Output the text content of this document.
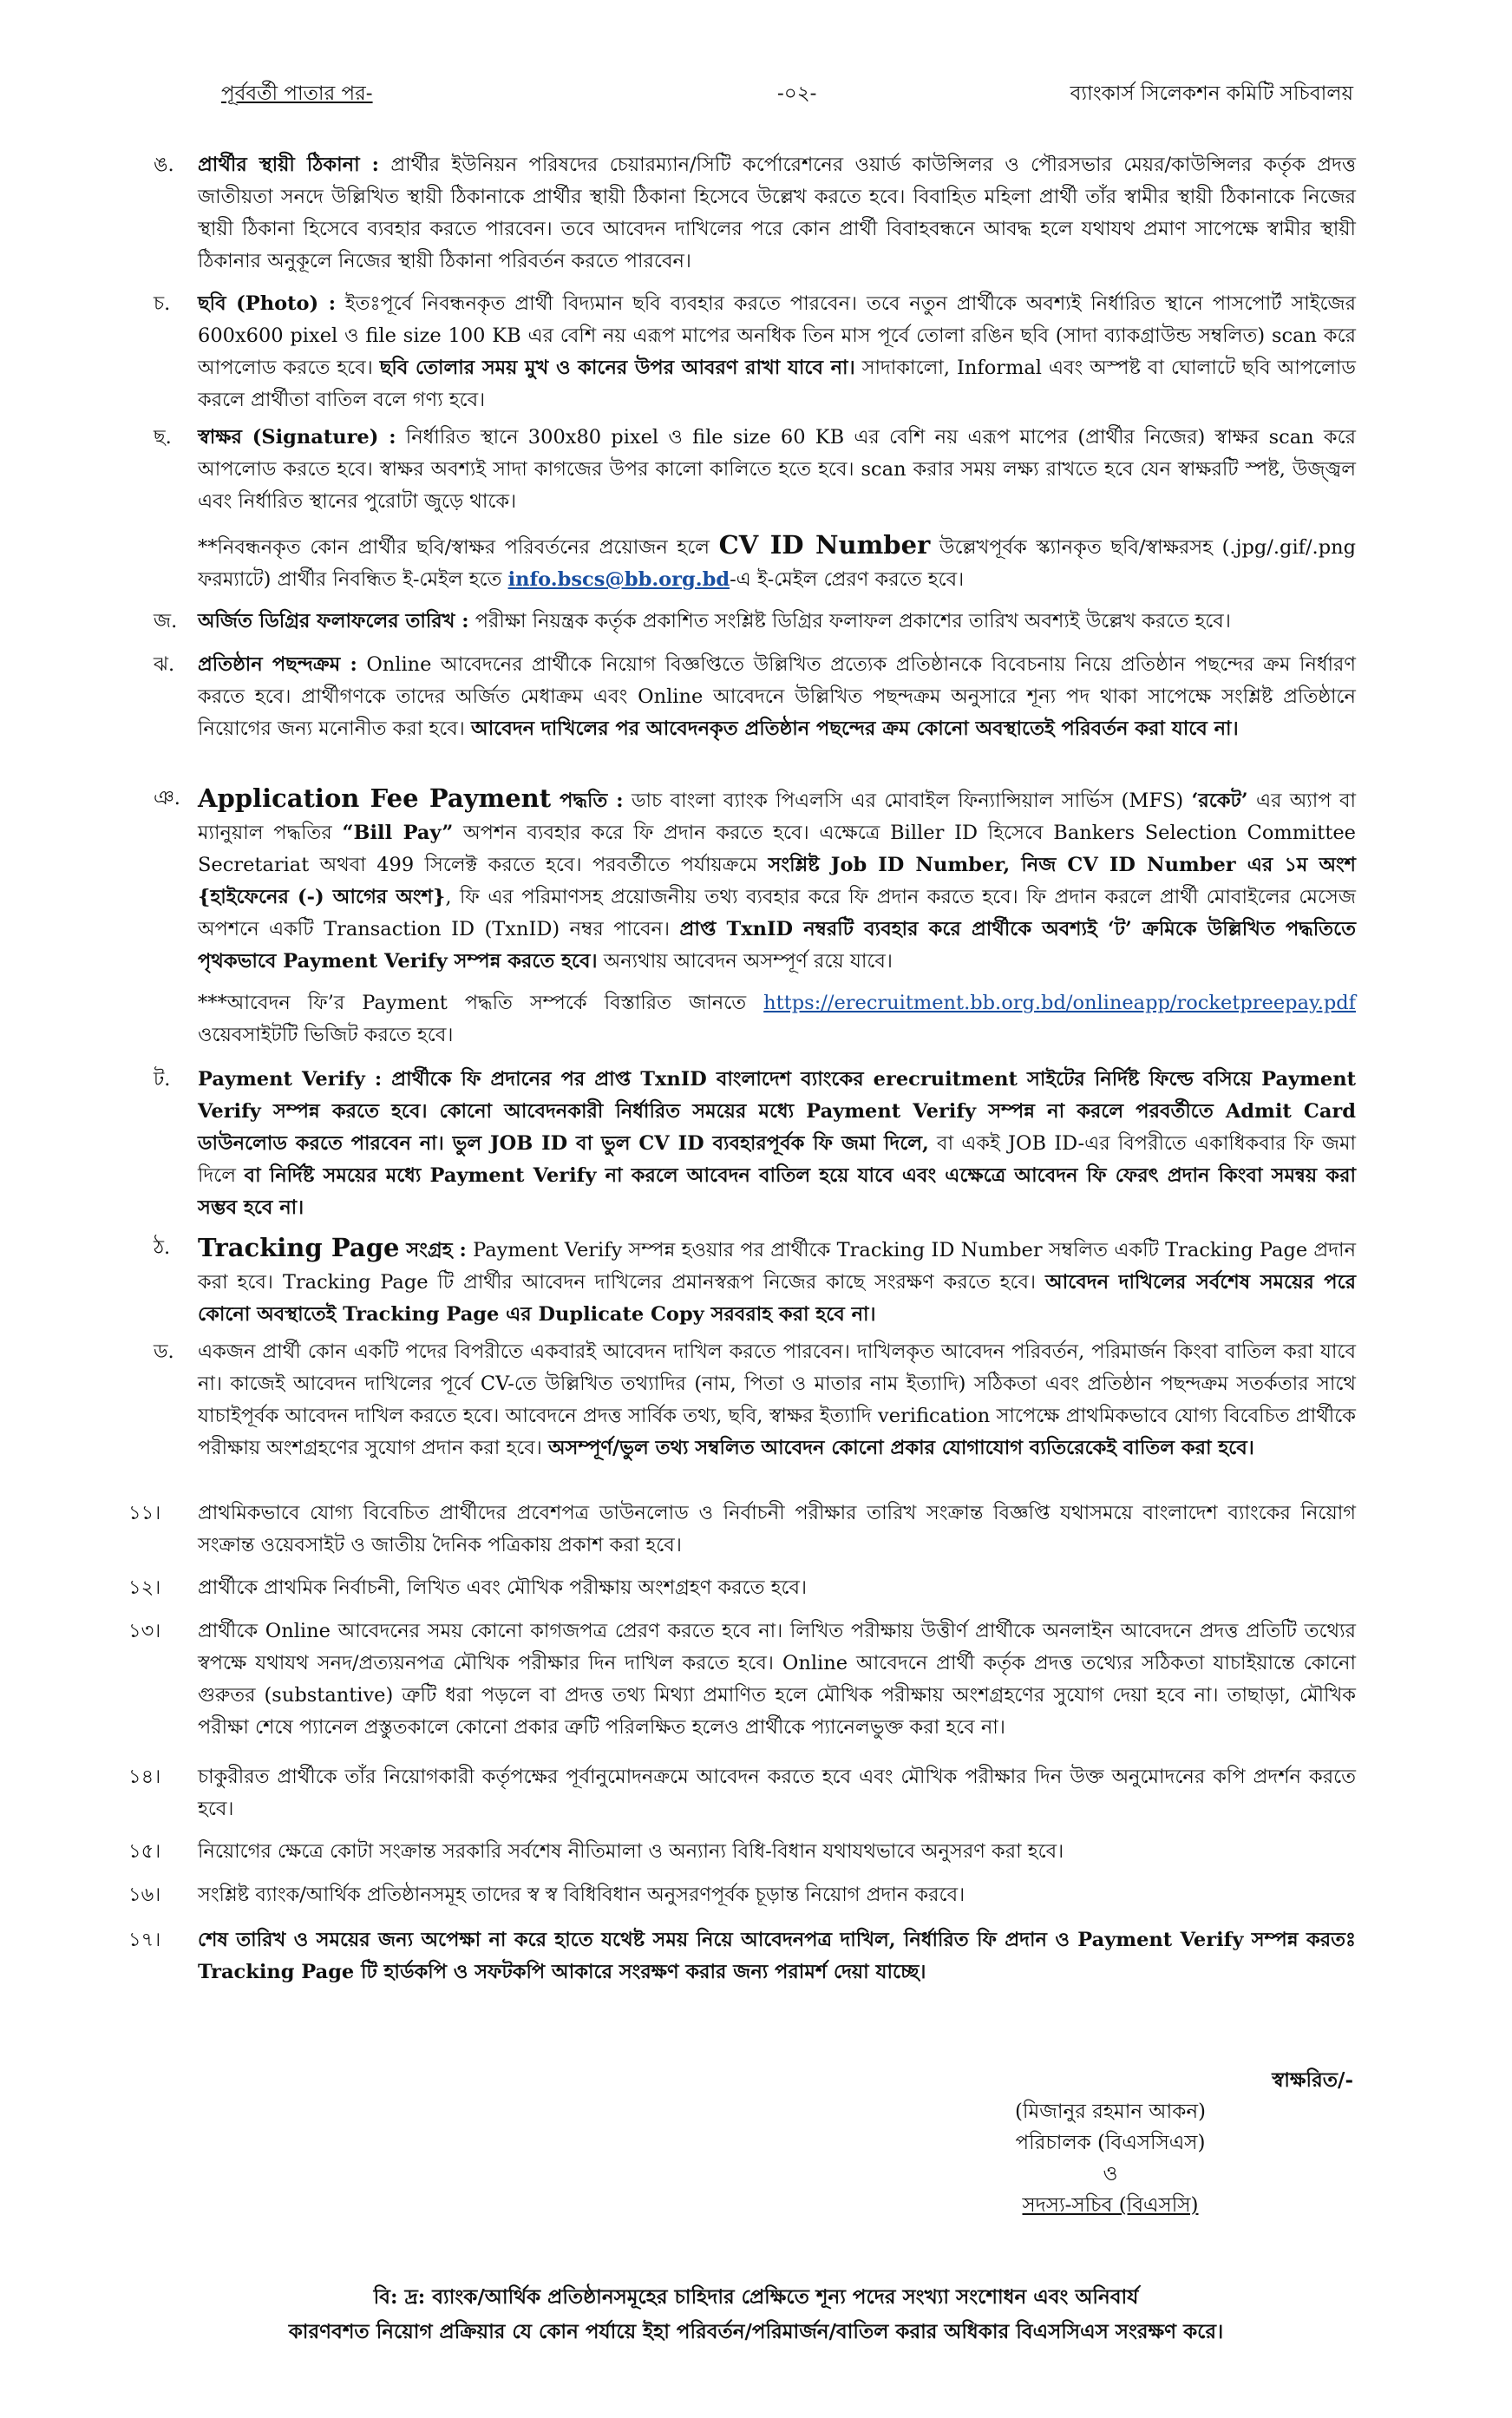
পূর্ববর্তী পাতার পর-	-০২-	ব্যাংকার্স সিলেকশন কমিটি সচিবালয়
ঙ.	প্রার্থীর স্থায়ী ঠিকানা : প্রার্থীর ইউনিয়ন পরিষদের চেয়ারম্যান/সিটি কর্পোরেশনের ওয়ার্ড কাউন্সিলর ও পৌরসভার মেয়র/কাউন্সিলর কর্তৃক প্রদত্ত জাতীয়তা সনদে উল্লিখিত স্থায়ী ঠিকানাকে প্রার্থীর স্থায়ী ঠিকানা হিসেবে উল্লেখ করতে হবে। বিবাহিত মহিলা প্রার্থী তাঁর স্বামীর স্থায়ী ঠিকানাকে নিজের স্থায়ী ঠিকানা হিসেবে ব্যবহার করতে পারবেন। তবে আবেদন দাখিলের পরে কোন প্রার্থী বিবাহবন্ধনে আবদ্ধ হলে যথাযথ প্রমাণ সাপেক্ষে স্বামীর স্থায়ী ঠিকানার অনুকূলে নিজের স্থায়ী ঠিকানা পরিবর্তন করতে পারবেন।
চ.	ছবি (Photo) : ইতঃপূর্বে নিবন্ধনকৃত প্রার্থী বিদ্যমান ছবি ব্যবহার করতে পারবেন। তবে নতুন প্রার্থীকে অবশ্যই নির্ধারিত স্থানে পাসপোর্ট সাইজের 600x600 pixel ও file size 100 KB এর বেশি নয় এরূপ মাপের অনধিক তিন মাস পূর্বে তোলা রঙিন ছবি (সাদা ব্যাকগ্রাউন্ড সম্বলিত) scan করে আপলোড করতে হবে। ছবি তোলার সময় মুখ ও কানের উপর আবরণ রাখা যাবে না। সাদাকালো, Informal এবং অস্পষ্ট বা ঘোলাটে ছবি আপলোড করলে প্রার্থীতা বাতিল বলে গণ্য হবে।
ছ.	স্বাক্ষর (Signature) : নির্ধারিত স্থানে 300x80 pixel ও file size 60 KB এর বেশি নয় এরূপ মাপের (প্রার্থীর নিজের) স্বাক্ষর scan করে আপলোড করতে হবে। স্বাক্ষর অবশ্যই সাদা কাগজের উপর কালো কালিতে হতে হবে। scan করার সময় লক্ষ্য রাখতে হবে যেন স্বাক্ষরটি স্পষ্ট, উজ্জ্বল এবং নির্ধারিত স্থানের পুরোটা জুড়ে থাকে।
**নিবন্ধনকৃত কোন প্রার্থীর ছবি/স্বাক্ষর পরিবর্তনের প্রয়োজন হলে CV ID Number উল্লেখপূর্বক স্ক্যানকৃত ছবি/স্বাক্ষরসহ (.jpg/.gif/.png ফরম্যাটে) প্রার্থীর নিবন্ধিত ই-মেইল হতে info.bscs@bb.org.bd-এ ই-মেইল প্রেরণ করতে হবে।
জ.	অর্জিত ডিগ্রির ফলাফলের তারিখ : পরীক্ষা নিয়ন্ত্রক কর্তৃক প্রকাশিত সংশ্লিষ্ট ডিগ্রির ফলাফল প্রকাশের তারিখ অবশ্যই উল্লেখ করতে হবে।
ঝ.	প্রতিষ্ঠান পছন্দক্রম : Online আবেদনের প্রার্থীকে নিয়োগ বিজ্ঞপ্তিতে উল্লিখিত প্রত্যেক প্রতিষ্ঠানকে বিবেচনায় নিয়ে প্রতিষ্ঠান পছন্দের ক্রম নির্ধারণ করতে হবে। প্রার্থীগণকে তাদের অর্জিত মেধাক্রম এবং Online আবেদনে উল্লিখিত পছন্দক্রম অনুসারে শূন্য পদ থাকা সাপেক্ষে সংশ্লিষ্ট প্রতিষ্ঠানে নিয়োগের জন্য মনোনীত করা হবে। আবেদন দাখিলের পর আবেদনকৃত প্রতিষ্ঠান পছন্দের ক্রম কোনো অবস্থাতেই পরিবর্তন করা যাবে না।
ঞ. Application Fee Payment পদ্ধতি : ডাচ বাংলা ব্যাংক পিএলসি এর মোবাইল ফিন্যান্সিয়াল সার্ভিস (MFS) ‘রকেট’ এর অ্যাপ বা ম্যানুয়াল পদ্ধতির “Bill Pay” অপশন ব্যবহার করে ফি প্রদান করতে হবে। এক্ষেত্রে Biller ID হিসেবে Bankers Selection Committee Secretariat অথবা 499 সিলেক্ট করতে হবে। পরবর্তীতে পর্যায়ক্রমে সংশ্লিষ্ট Job ID Number, নিজ CV ID Number এর ১ম অংশ {হাইফেনের (-) আগের অংশ}, ফি এর পরিমাণসহ প্রয়োজনীয় তথ্য ব্যবহার করে ফি প্রদান করতে হবে। ফি প্রদান করলে প্রার্থী মোবাইলের মেসেজ অপশনে একটি Transaction ID (TxnID) নম্বর পাবেন। প্রাপ্ত TxnID নম্বরটি ব্যবহার করে প্রার্থীকে অবশ্যই ‘ট’ ক্রমিকে উল্লিখিত পদ্ধতিতে পৃথকভাবে Payment Verify সম্পন্ন করতে হবে। অন্যথায় আবেদন অসম্পূর্ণ রয়ে যাবে।
***আবেদন ফি’র Payment পদ্ধতি সম্পর্কে বিস্তারিত জানতে https://erecruitment.bb.org.bd/onlineapp/rocketpreepay.pdf ওয়েবসাইটটি ভিজিট করতে হবে।
ট.	Payment Verify : প্রার্থীকে ফি প্রদানের পর প্রাপ্ত TxnID বাংলাদেশ ব্যাংকের erecruitment সাইটের নির্দিষ্ট ফিল্ডে বসিয়ে Payment Verify সম্পন্ন করতে হবে। কোনো আবেদনকারী নির্ধারিত সময়ের মধ্যে Payment Verify সম্পন্ন না করলে পরবর্তীতে Admit Card ডাউনলোড করতে পারবেন না। ভুল JOB ID বা ভুল CV ID ব্যবহারপূর্বক ফি জমা দিলে, বা একই JOB ID-এর বিপরীতে একাধিকবার ফি জমা দিলে বা নির্দিষ্ট সময়ের মধ্যে Payment Verify না করলে আবেদন বাতিল হয়ে যাবে এবং এক্ষেত্রে আবেদন ফি ফেরৎ প্রদান কিংবা সমন্বয় করা সম্ভব হবে না।
ঠ.	Tracking Page সংগ্রহ : Payment Verify সম্পন্ন হওয়ার পর প্রার্থীকে Tracking ID Number সম্বলিত একটি Tracking Page প্রদান করা হবে। Tracking Page টি প্রার্থীর আবেদন দাখিলের প্রমানস্বরূপ নিজের কাছে সংরক্ষণ করতে হবে। আবেদন দাখিলের সর্বশেষ সময়ের পরে কোনো অবস্থাতেই Tracking Page এর Duplicate Copy সরবরাহ করা হবে না।
ড.	একজন প্রার্থী কোন একটি পদের বিপরীতে একবারই আবেদন দাখিল করতে পারবেন। দাখিলকৃত আবেদন পরিবর্তন, পরিমার্জন কিংবা বাতিল করা যাবে না। কাজেই আবেদন দাখিলের পূর্বে CV-তে উল্লিখিত তথ্যাদির (নাম, পিতা ও মাতার নাম ইত্যাদি) সঠিকতা এবং প্রতিষ্ঠান পছন্দক্রম সতর্কতার সাথে যাচাইপূর্বক আবেদন দাখিল করতে হবে। আবেদনে প্রদত্ত সার্বিক তথ্য, ছবি, স্বাক্ষর ইত্যাদি verification সাপেক্ষে প্রাথমিকভাবে যোগ্য বিবেচিত প্রার্থীকে পরীক্ষায় অংশগ্রহণের সুযোগ প্রদান করা হবে। অসম্পূর্ণ/ভুল তথ্য সম্বলিত আবেদন কোনো প্রকার যোগাযোগ ব্যতিরেকেই বাতিল করা হবে।
১১।	প্রাথমিকভাবে যোগ্য বিবেচিত প্রার্থীদের প্রবেশপত্র ডাউনলোড ও নির্বাচনী পরীক্ষার তারিখ সংক্রান্ত বিজ্ঞপ্তি যথাসময়ে বাংলাদেশ ব্যাংকের নিয়োগ সংক্রান্ত ওয়েবসাইট ও জাতীয় দৈনিক পত্রিকায় প্রকাশ করা হবে।
১২।	প্রার্থীকে প্রাথমিক নির্বাচনী, লিখিত এবং মৌখিক পরীক্ষায় অংশগ্রহণ করতে হবে।
১৩।	প্রার্থীকে Online আবেদনের সময় কোনো কাগজপত্র প্রেরণ করতে হবে না। লিখিত পরীক্ষায় উত্তীর্ণ প্রার্থীকে অনলাইন আবেদনে প্রদত্ত প্রতিটি তথ্যের স্বপক্ষে যথাযথ সনদ/প্রত্যয়নপত্র মৌখিক পরীক্ষার দিন দাখিল করতে হবে। Online আবেদনে প্রার্থী কর্তৃক প্রদত্ত তথ্যের সঠিকতা যাচাইয়ান্তে কোনো গুরুতর (substantive) ত্রুটি ধরা পড়লে বা প্রদত্ত তথ্য মিথ্যা প্রমাণিত হলে মৌখিক পরীক্ষায় অংশগ্রহণের সুযোগ দেয়া হবে না। তাছাড়া, মৌখিক পরীক্ষা শেষে প্যানেল প্রস্তুতকালে কোনো প্রকার ত্রুটি পরিলক্ষিত হলেও প্রার্থীকে প্যানেলভুক্ত করা হবে না।
১৪।	চাকুরীরত প্রার্থীকে তাঁর নিয়োগকারী কর্তৃপক্ষের পূর্বানুমোদনক্রমে আবেদন করতে হবে এবং মৌখিক পরীক্ষার দিন উক্ত অনুমোদনের কপি প্রদর্শন করতে হবে।
১৫।	নিয়োগের ক্ষেত্রে কোটা সংক্রান্ত সরকারি সর্বশেষ নীতিমালা ও অন্যান্য বিধি-বিধান যথাযথভাবে অনুসরণ করা হবে।
১৬।	সংশ্লিষ্ট ব্যাংক/আর্থিক প্রতিষ্ঠানসমূহ তাদের স্ব স্ব বিধিবিধান অনুসরণপূর্বক চূড়ান্ত নিয়োগ প্রদান করবে।
১৭।	শেষ তারিখ ও সময়ের জন্য অপেক্ষা না করে হাতে যথেষ্ট সময় নিয়ে আবেদনপত্র দাখিল, নির্ধারিত ফি প্রদান ও Payment Verify সম্পন্ন করতঃ Tracking Page টি হার্ডকপি ও সফটকপি আকারে সংরক্ষণ করার জন্য পরামর্শ দেয়া যাচ্ছে।
স্বাক্ষরিত/-
(মিজানুর রহমান আকন)
পরিচালক (বিএসসিএস)
ও
সদস্য-সচিব (বিএসসি)
বি: দ্র: ব্যাংক/আর্থিক প্রতিষ্ঠানসমূহের চাহিদার প্রেক্ষিতে শূন্য পদের সংখ্যা সংশোধন এবং অনিবার্য
কারণবশত নিয়োগ প্রক্রিয়ার যে কোন পর্যায়ে ইহা পরিবর্তন/পরিমার্জন/বাতিল করার অধিকার বিএসসিএস সংরক্ষণ করে।
